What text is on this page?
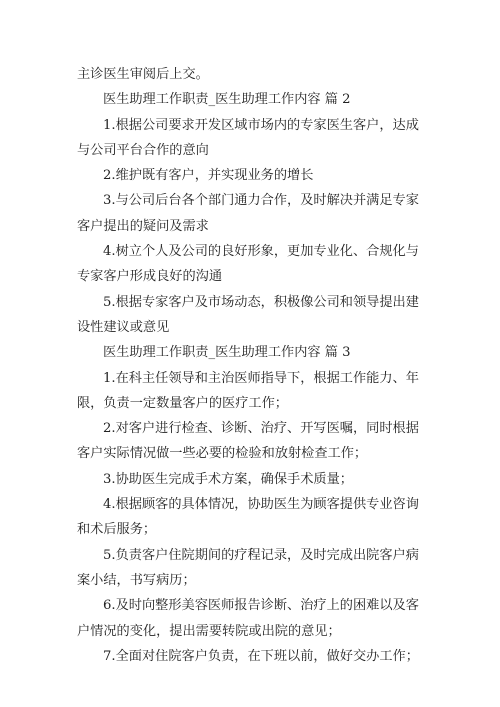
主诊医生审阅后上交。
医生助理工作职责_医生助理工作内容 篇 2
1.根据公司要求开发区域市场内的专家医生客户，达成
与公司平台合作的意向
2.维护既有客户，并实现业务的增长
3.与公司后台各个部门通力合作，及时解决并满足专家
客户提出的疑问及需求
4.树立个人及公司的良好形象，更加专业化、合规化与
专家客户形成良好的沟通
5.根据专家客户及市场动态，积极像公司和领导提出建
设性建议或意见
医生助理工作职责_医生助理工作内容 篇 3
1.在科主任领导和主治医师指导下，根据工作能力、年
限，负责一定数量客户的医疗工作；
2.对客户进行检查、诊断、治疗、开写医嘱，同时根据
客户实际情况做一些必要的检验和放射检查工作；
3.协助医生完成手术方案，确保手术质量；
4.根据顾客的具体情况，协助医生为顾客提供专业咨询
和术后服务；
5.负责客户住院期间的疗程记录，及时完成出院客户病
案小结，书写病历；
6.及时向整形美容医师报告诊断、治疗上的困难以及客
户情况的变化，提出需要转院或出院的意见；
7.全面对住院客户负责，在下班以前，做好交办工作；
